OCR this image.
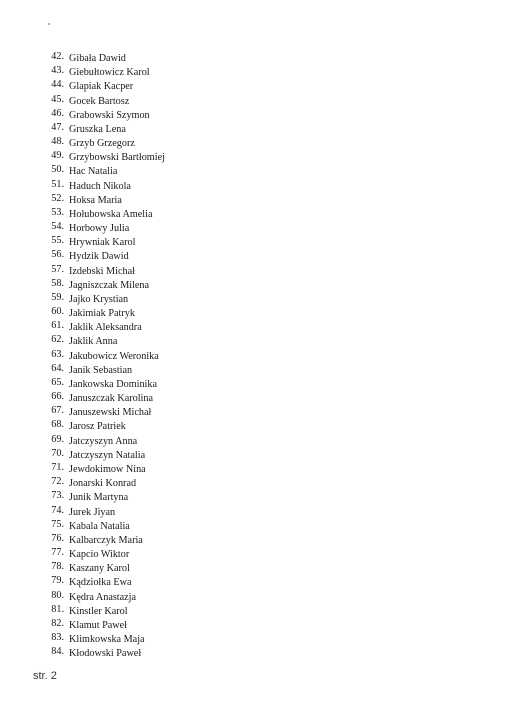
42. Gibała Dawid
43. Giebułtowicz Karol
44. Glapiak Kacper
45. Gocek Bartosz
46. Grabowski Szymon
47. Gruszka Lena
48. Grzyb Grzegorz
49. Grzybowski Bartłomiej
50. Hac Natalia
51. Haduch Nikola
52. Hoksa Maria
53. Hołubowska Amelia
54. Horbowy Julia
55. Hrywniak Karol
56. Hydzik Dawid
57. Izdebski Michał
58. Jagniszczak Milena
59. Jajko Krystian
60. Jakimiak Patryk
61. Jaklik Aleksandra
62. Jaklik Anna
63. Jakubowicz Weronika
64. Janik Sebastian
65. Jankowska Dominika
66. Januszczak Karolina
67. Januszewski Michał
68. Jarosz Patriek
69. Jatczyszyn Anna
70. Jatczyszyn Natalia
71. Jewdokimow Nina
72. Jonarski Konrad
73. Junik Martyna
74. Jurek Jiyan
75. Kabala Natalia
76. Kalbarczyk Maria
77. Kapcio Wiktor
78. Kaszany Karol
79. Kądziołka Ewa
80. Kędra Anastazja
81. Kinstler Karol
82. Klamut Paweł
83. Klimkowska Maja
84. Kłodowski Paweł
str. 2
